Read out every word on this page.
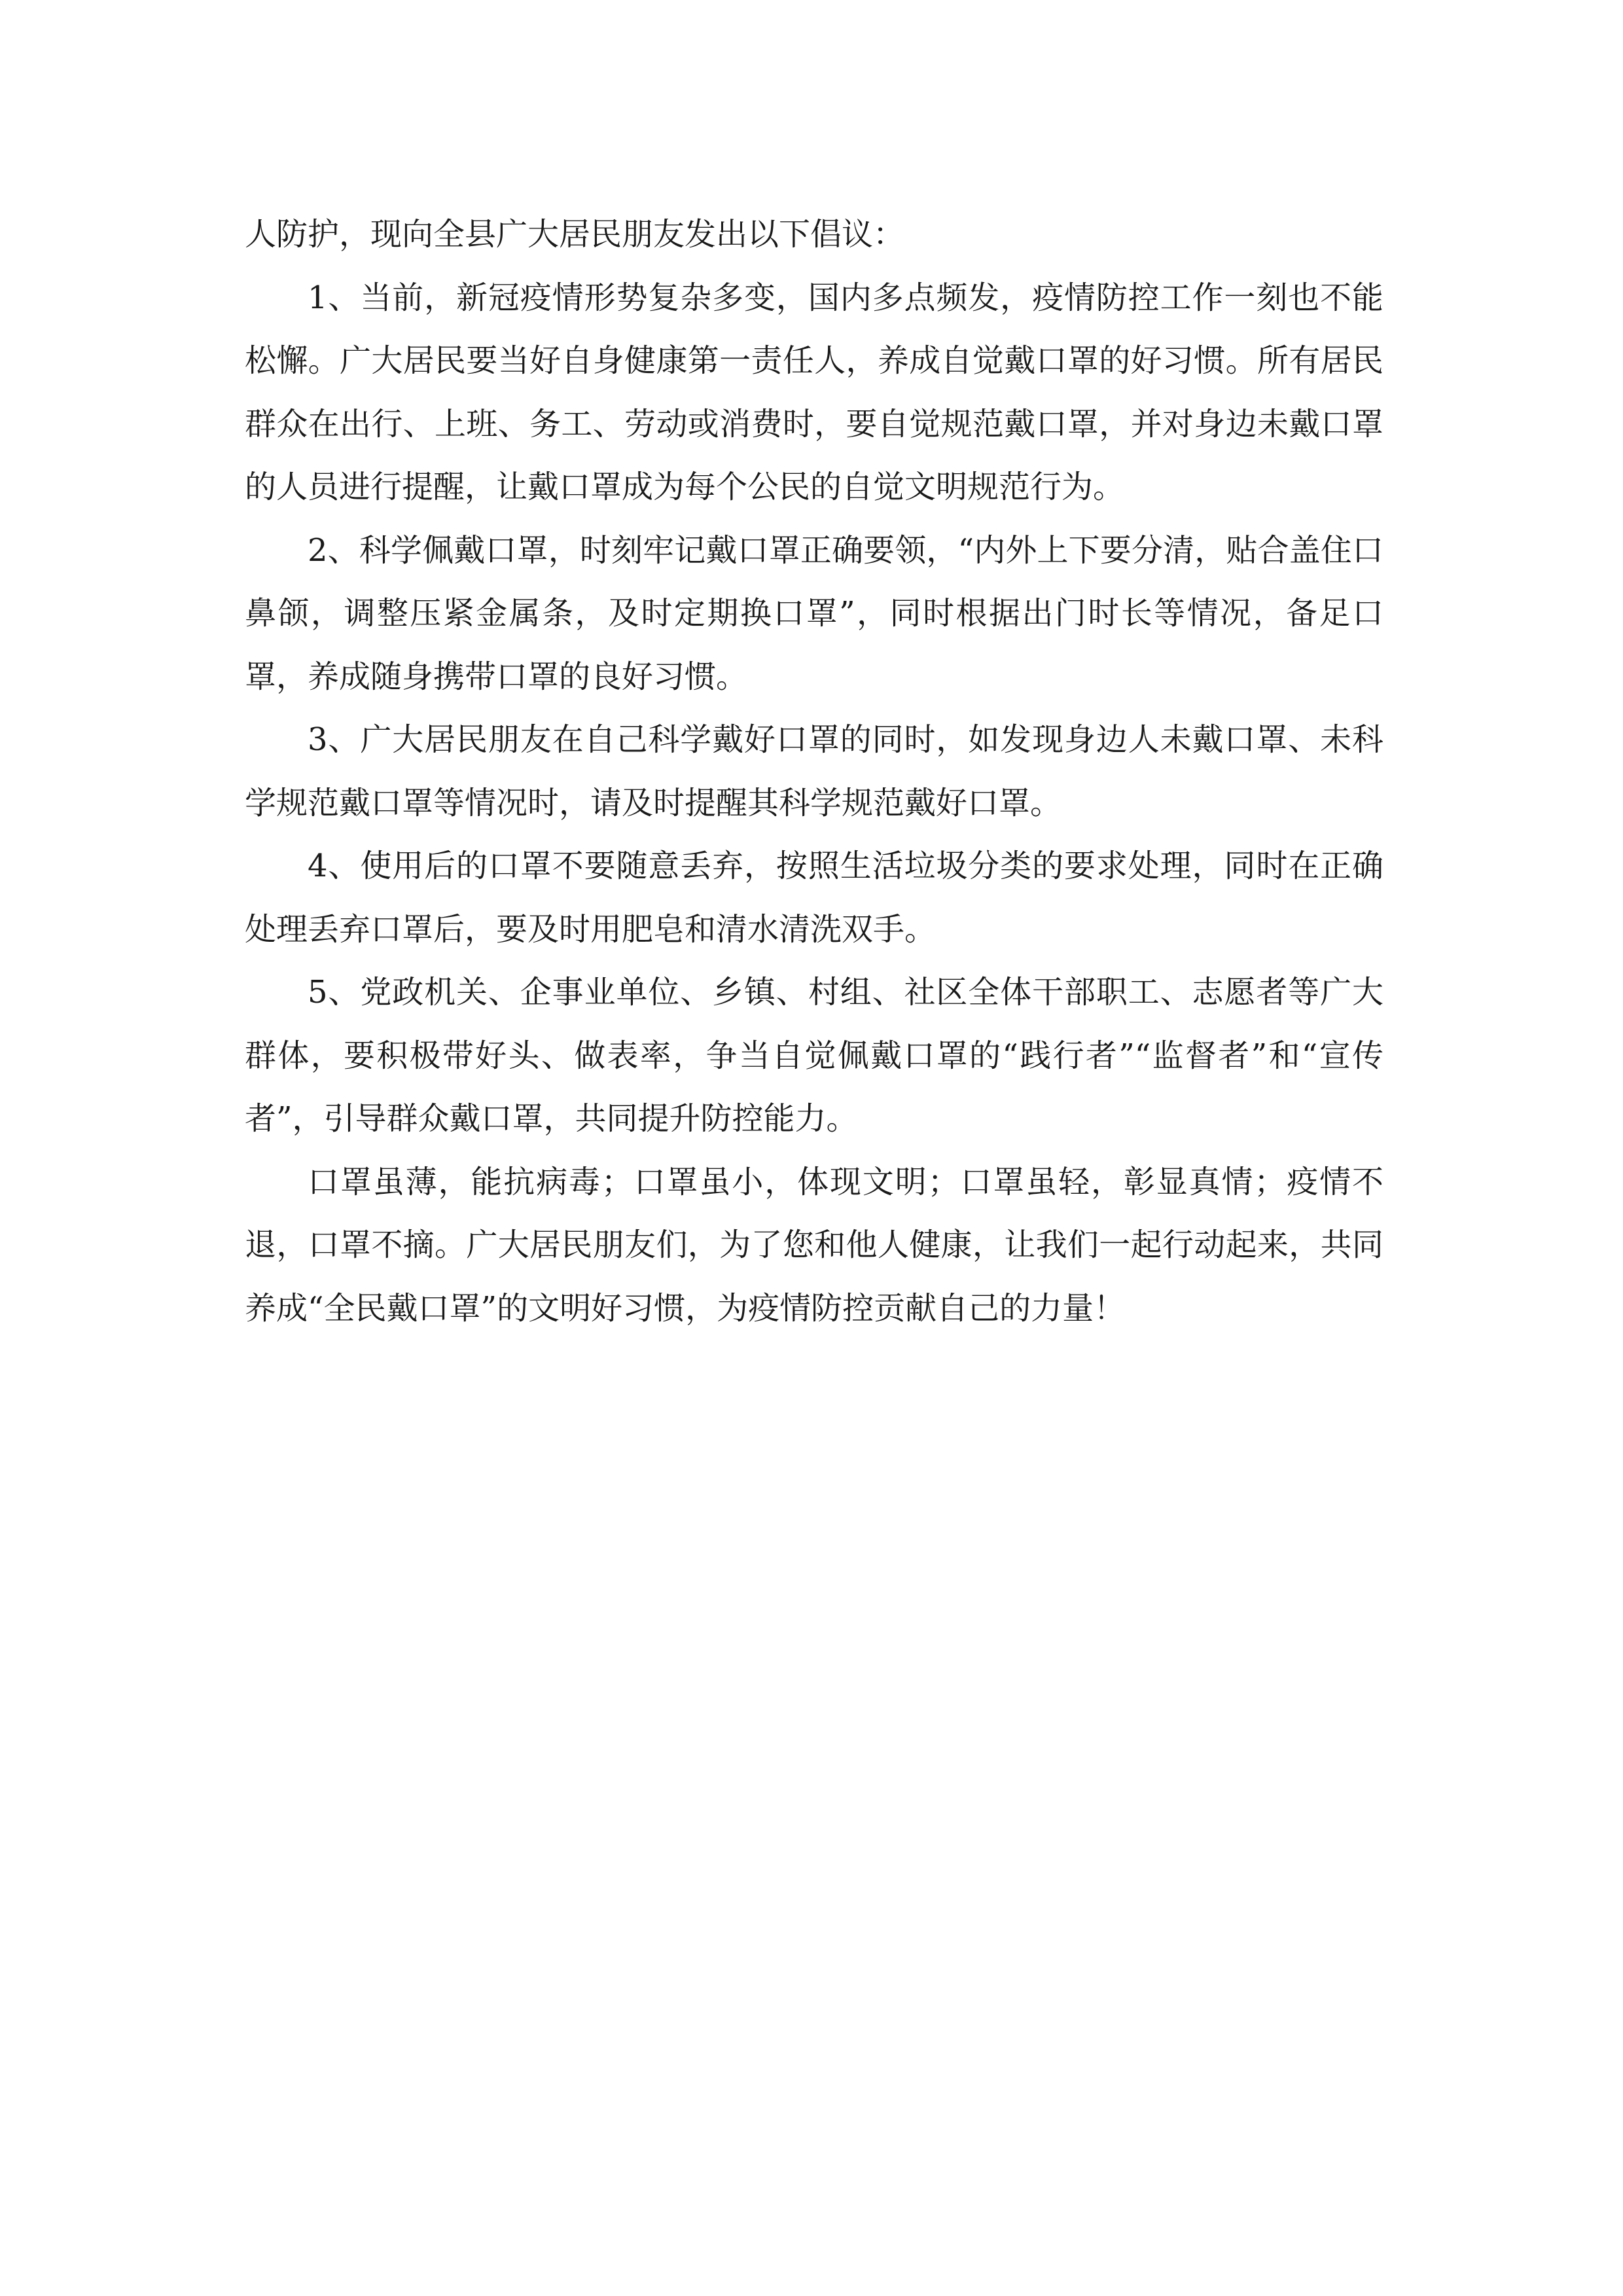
人防护，现向全县广大居民朋友发出以下倡议：

1、当前，新冠疫情形势复杂多变，国内多点频发，疫情防控工作一刻也不能松懈。广大居民要当好自身健康第一责任人，养成自觉戴口罩的好习惯。所有居民群众在出行、上班、务工、劳动或消费时，要自觉规范戴口罩，并对身边未戴口罩的人员进行提醒，让戴口罩成为每个公民的自觉文明规范行为。

2、科学佩戴口罩，时刻牢记戴口罩正确要领，“内外上下要分清，贴合盖住口鼻颌，调整压紧金属条，及时定期换口罩”，同时根据出门时长等情况，备足口罩，养成随身携带口罩的良好习惯。

3、广大居民朋友在自己科学戴好口罩的同时，如发现身边人未戴口罩、未科学规范戴口罩等情况时，请及时提醒其科学规范戴好口罩。

4、使用后的口罩不要随意丢弃，按照生活垃圾分类的要求处理，同时在正确处理丢弃口罩后，要及时用肥皂和清水清洗双手。

5、党政机关、企事业单位、乡镇、村组、社区全体干部职工、志愿者等广大群体，要积极带好头、做表率，争当自觉佩戴口罩的“践行者”“监督者”和“宣传者”，引导群众戴口罩，共同提升防控能力。

口罩虽薄，能抗病毒；口罩虽小，体现文明；口罩虽轻，彰显真情；疫情不退，口罩不摘。广大居民朋友们，为了您和他人健康，让我们一起行动起来，共同养成“全民戴口罩”的文明好习惯，为疫情防控贡献自己的力量！
